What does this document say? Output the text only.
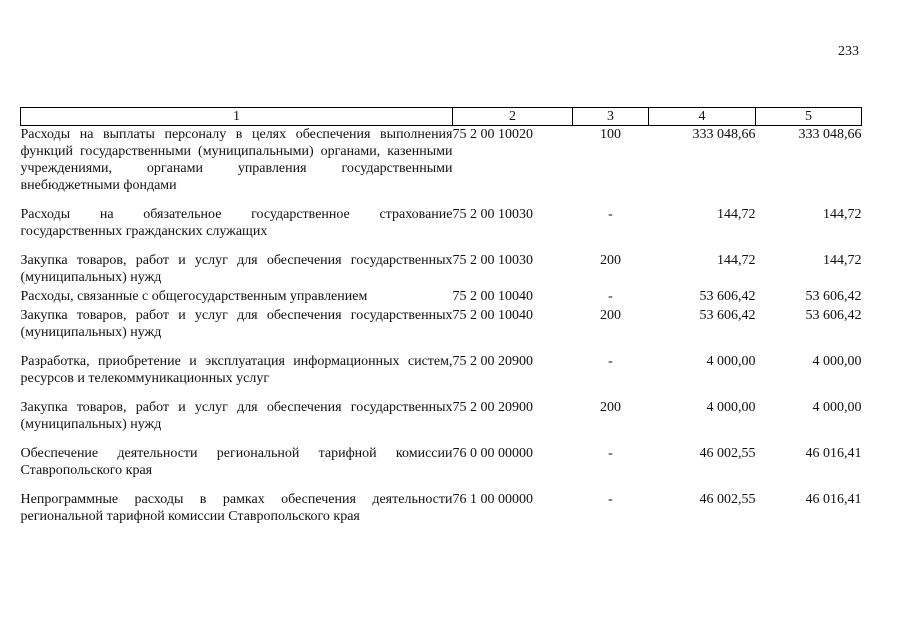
233
1	2	3	4	5
Расходы на выплаты персоналу в целях обеспечения выполнения функций государственными (муниципальными) органами, казенными учреждениями, органами управления государственными внебюджетными фондами	75 2 00 10020	100	333 048,66	333 048,66
Расходы на обязательное государственное страхование государственных гражданских служащих	75 2 00 10030	-	144,72	144,72
Закупка товаров, работ и услуг для обеспечения государственных (муниципальных) нужд	75 2 00 10030	200	144,72	144,72
Расходы, связанные с общегосударственным управлением	75 2 00 10040	-	53 606,42	53 606,42
Закупка товаров, работ и услуг для обеспечения государственных (муниципальных) нужд	75 2 00 10040	200	53 606,42	53 606,42
Разработка, приобретение и эксплуатация информационных систем, ресурсов и телекоммуникационных услуг	75 2 00 20900	-	4 000,00	4 000,00
Закупка товаров, работ и услуг для обеспечения государственных (муниципальных) нужд	75 2 00 20900	200	4 000,00	4 000,00
Обеспечение деятельности региональной тарифной комиссии Ставропольского края	76 0 00 00000	-	46 002,55	46 016,41
Непрограммные расходы в рамках обеспечения деятельности региональной тарифной комиссии Ставропольского края	76 1 00 00000	-	46 002,55	46 016,41
